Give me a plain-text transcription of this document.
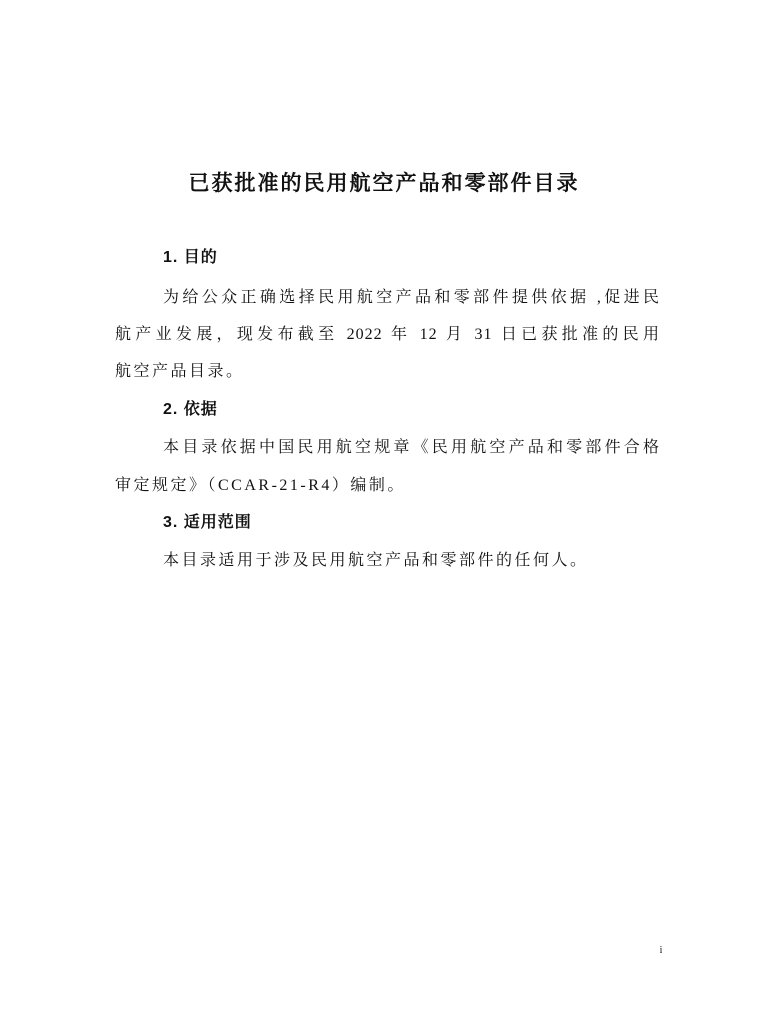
已获批准的民用航空产品和零部件目录
1. 目的
为给公众正确选择民用航空产品和零部件提供依据 ,促进民
航产业发展，现发布截至 2022 年 12 月 31 日已获批准的民用
航空产品目录。
2. 依据
本目录依据中国民用航空规章《民用航空产品和零部件合格
审定规定》（CCAR-21-R4）编制。
3. 适用范围
本目录适用于涉及民用航空产品和零部件的任何人。
i
